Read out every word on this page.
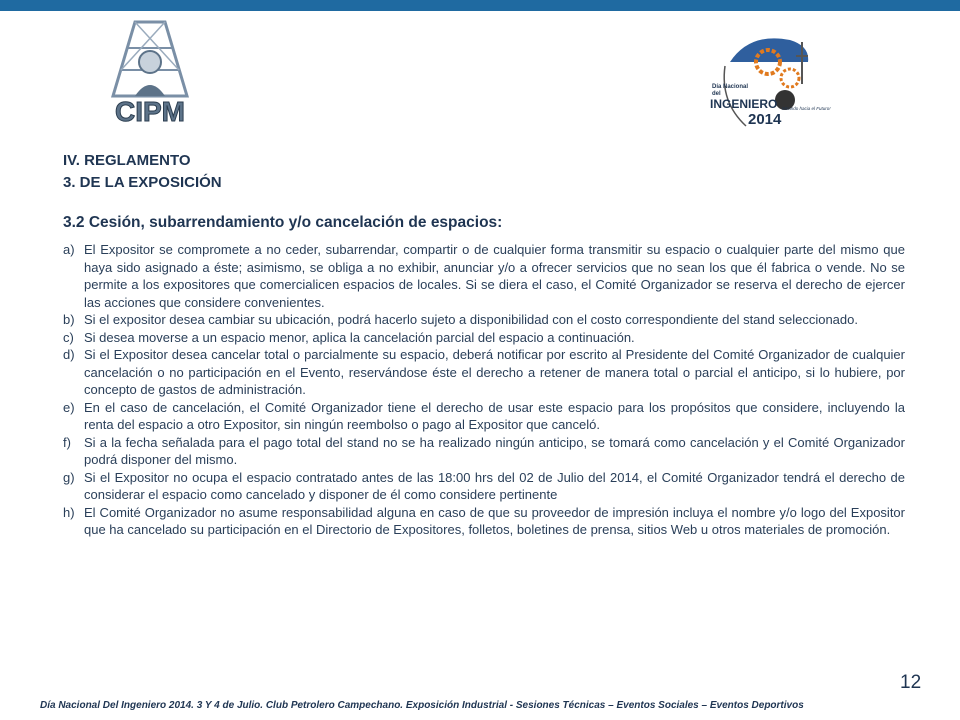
CIPM
Día Nacional
del
INGENIERO
2014
Mirando hacia el Futuro!
IV. REGLAMENTO
3. DE LA EXPOSICIÓN
3.2 Cesión, subarrendamiento y/o cancelación de espacios:
a) El Expositor se compromete a no ceder, subarrendar, compartir o de cualquier forma transmitir su espacio o cualquier parte del mismo que haya sido asignado a éste; asimismo, se obliga a no exhibir, anunciar y/o a ofrecer servicios que no sean los que él fabrica o vende. No se permite a los expositores que comercialicen espacios de locales. Si se diera el caso, el Comité Organizador se reserva el derecho de ejercer las acciones que considere convenientes.
b) Si el expositor desea cambiar su ubicación, podrá hacerlo sujeto a disponibilidad con el costo correspondiente del stand seleccionado.
c) Si desea moverse a un espacio menor, aplica la cancelación parcial del espacio a continuación.
d) Si el Expositor desea cancelar total o parcialmente su espacio, deberá notificar por escrito al Presidente del Comité Organizador de cualquier cancelación o no participación en el Evento, reservándose éste el derecho a retener de manera total o parcial el anticipo, si lo hubiere, por concepto de gastos de administración.
e) En el caso de cancelación, el Comité Organizador tiene el derecho de usar este espacio para los propósitos que considere, incluyendo la renta del espacio a otro Expositor, sin ningún reembolso o pago al Expositor que canceló.
f) Si a la fecha señalada para el pago total del stand no se ha realizado ningún anticipo, se tomará como cancelación y el Comité Organizador podrá disponer del mismo.
g) Si el Expositor no ocupa el espacio contratado antes de las 18:00 hrs del 02 de Julio del 2014, el Comité Organizador tendrá el derecho de considerar el espacio como cancelado y disponer de él como considere pertinente
h) El Comité Organizador no asume responsabilidad alguna en caso de que su proveedor de impresión incluya el nombre y/o logo del Expositor que ha cancelado su participación en el Directorio de Expositores, folletos, boletines de prensa, sitios Web u otros materiales de promoción.
12
Día Nacional Del Ingeniero 2014. 3 Y 4 de Julio. Club Petrolero Campechano. Exposición Industrial - Sesiones Técnicas – Eventos Sociales – Eventos Deportivos
